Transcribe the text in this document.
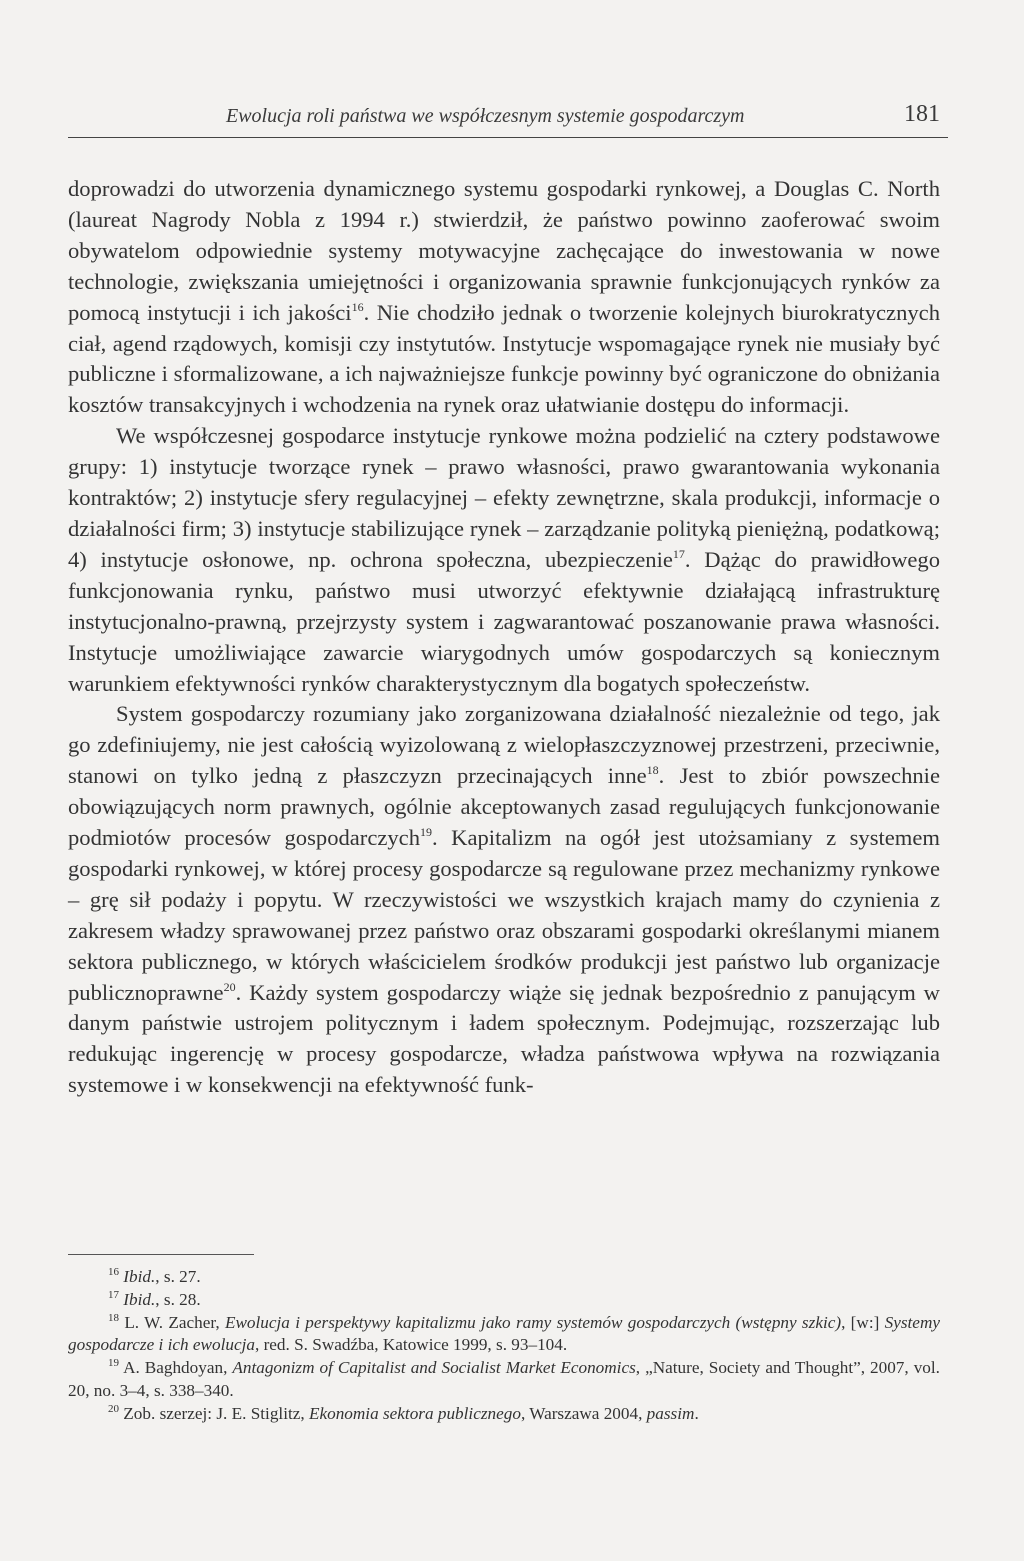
Ewolucja roli państwa we współczesnym systemie gospodarczym	181

doprowadzi do utworzenia dynamicznego systemu gospodarki rynkowej, a Douglas C. North (laureat Nagrody Nobla z 1994 r.) stwierdził, że państwo powinno zaoferować swoim obywatelom odpowiednie systemy motywacyjne zachęcające do inwestowania w nowe technologie, zwiększania umiejętności i organizowania sprawnie funkcjonujących rynków za pomocą instytucji i ich jakości$^{16}$. Nie chodziło jednak o tworzenie kolejnych biurokratycznych ciał, agend rządowych, komisji czy instytutów. Instytucje wspomagające rynek nie musiały być publiczne i sformalizowane, a ich najważniejsze funkcje powinny być ograniczone do obniżania kosztów transakcyjnych i wchodzenia na rynek oraz ułatwianie dostępu do informacji.

We współczesnej gospodarce instytucje rynkowe można podzielić na cztery podstawowe grupy: 1) instytucje tworzące rynek – prawo własności, prawo gwarantowania wykonania kontraktów; 2) instytucje sfery regulacyjnej – efekty zewnętrzne, skala produkcji, informacje o działalności firm; 3) instytucje stabilizujące rynek – zarządzanie polityką pieniężną, podatkową; 4) instytucje osłonowe, np. ochrona społeczna, ubezpieczenie$^{17}$. Dążąc do prawidłowego funkcjonowania rynku, państwo musi utworzyć efektywnie działającą infrastrukturę instytucjonalno-prawną, przejrzysty system i zagwarantować poszanowanie prawa własności. Instytucje umożliwiające zawarcie wiarygodnych umów gospodarczych są koniecznym warunkiem efektywności rynków charakterystycznym dla bogatych społeczeństw.

System gospodarczy rozumiany jako zorganizowana działalność niezależnie od tego, jak go zdefiniujemy, nie jest całością wyizolowaną z wielopłaszczyznowej przestrzeni, przeciwnie, stanowi on tylko jedną z płaszczyzn przecinających inne$^{18}$. Jest to zbiór powszechnie obowiązujących norm prawnych, ogólnie akceptowanych zasad regulujących funkcjonowanie podmiotów procesów gospodarczych$^{19}$. Kapitalizm na ogół jest utożsamiany z systemem gospodarki rynkowej, w której procesy gospodarcze są regulowane przez mechanizmy rynkowe – grę sił podaży i popytu. W rzeczywistości we wszystkich krajach mamy do czynienia z zakresem władzy sprawowanej przez państwo oraz obszarami gospodarki określanymi mianem sektora publicznego, w których właścicielem środków produkcji jest państwo lub organizacje publicznoprawne$^{20}$. Każdy system gospodarczy wiąże się jednak bezpośrednio z panującym w danym państwie ustrojem politycznym i ładem społecznym. Podejmując, rozszerzając lub redukując ingerencję w procesy gospodarcze, władza państwowa wpływa na rozwiązania systemowe i w konsekwencji na efektywność funk-

$^{16}$ Ibid., s. 27.

$^{17}$ Ibid., s. 28.

$^{18}$ L. W. Zacher, Ewolucja i perspektywy kapitalizmu jako ramy systemów gospodarczych (wstępny szkic), [w:] Systemy gospodarcze i ich ewolucja, red. S. Swadźba, Katowice 1999, s. 93–104.

$^{19}$ A. Baghdoyan, Antagonizm of Capitalist and Socialist Market Economics, „Nature, Society and Thought”, 2007, vol. 20, no. 3–4, s. 338–340.

$^{20}$ Zob. szerzej: J. E. Stiglitz, Ekonomia sektora publicznego, Warszawa 2004, passim.
